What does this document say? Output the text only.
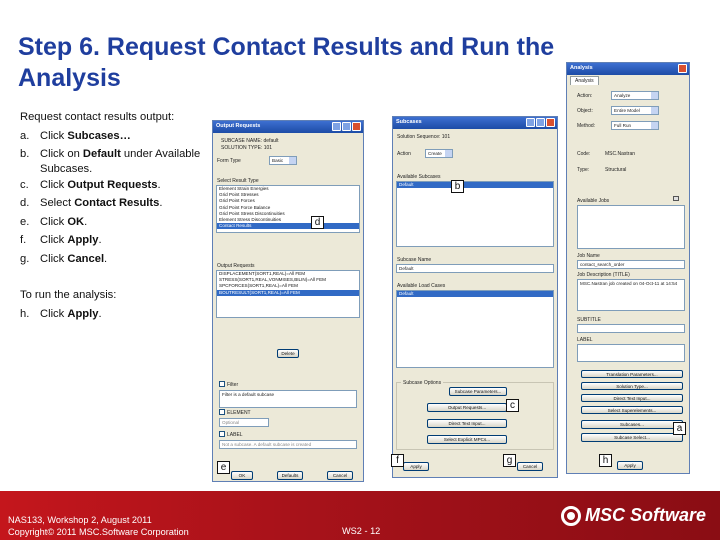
Step 6. Request Contact Results and Run the Analysis
Request contact results output:
a. Click Subcases…
b. Click on Default under Available
Subcases.
c. Click Output Requests.
d. Select Contact Results.
e. Click OK.
f. Click Apply.
g. Click Cancel.
To run the analysis:
h. Click Apply.
Output Requests
SUBCASE NAME: default
SOLUTION TYPE: 101
Form Type	Basic
Select Result Type
Element Strain Energies
Grid Point Stresses
Grid Point Forces
Grid Point Force Balance
Grid Point Stress Discontinuities
Element Stress Discontinuities
Contact Results
Output Requests
DISPLACEMENT(SORT1,REAL)=All FEM
STRESS(SORT1,REAL,VONMISES,BILIN)=All FEM
SPCFORCES(SORT1,REAL)=All FEM
BOUTRESULT(SORT1,REAL)=All FEM
Delete
Filter
Filter is a default subcase
ELEMENT
Optional
LABEL
Not a subcase. A default subcase is created
OK	Defaults	Cancel
Subcases
Solution Sequence: 101
Action	Create
Available Subcases
Default
Subcase Name
Default
Available Load Cases
Default
Subcase Options
Subcase Parameters...
Output Requests...
Direct Text Input...
Select Explicit MPCs...
Apply	Cancel
Analysis
Analysis
Action:	Analyze
Object:	Entire Model
Method:	Full Run
Code:	MSC.Nastran
Type:	Structural
Available Jobs
Job Name
contact_search_order
Job Description (TITLE)
MSC.Nastran job created on 04-Oct-11 at 14:54
SUBTITLE
LABEL
Translation Parameters...
Solution Type...
Direct Text Input...
Select Superelements...
Subcases...
Subcase Select...
Apply
a
b
c
d
e
f	g	h
NAS133, Workshop 2, August 2011
Copyright© 2011 MSC.Software Corporation	WS2 - 12
MSC Software
